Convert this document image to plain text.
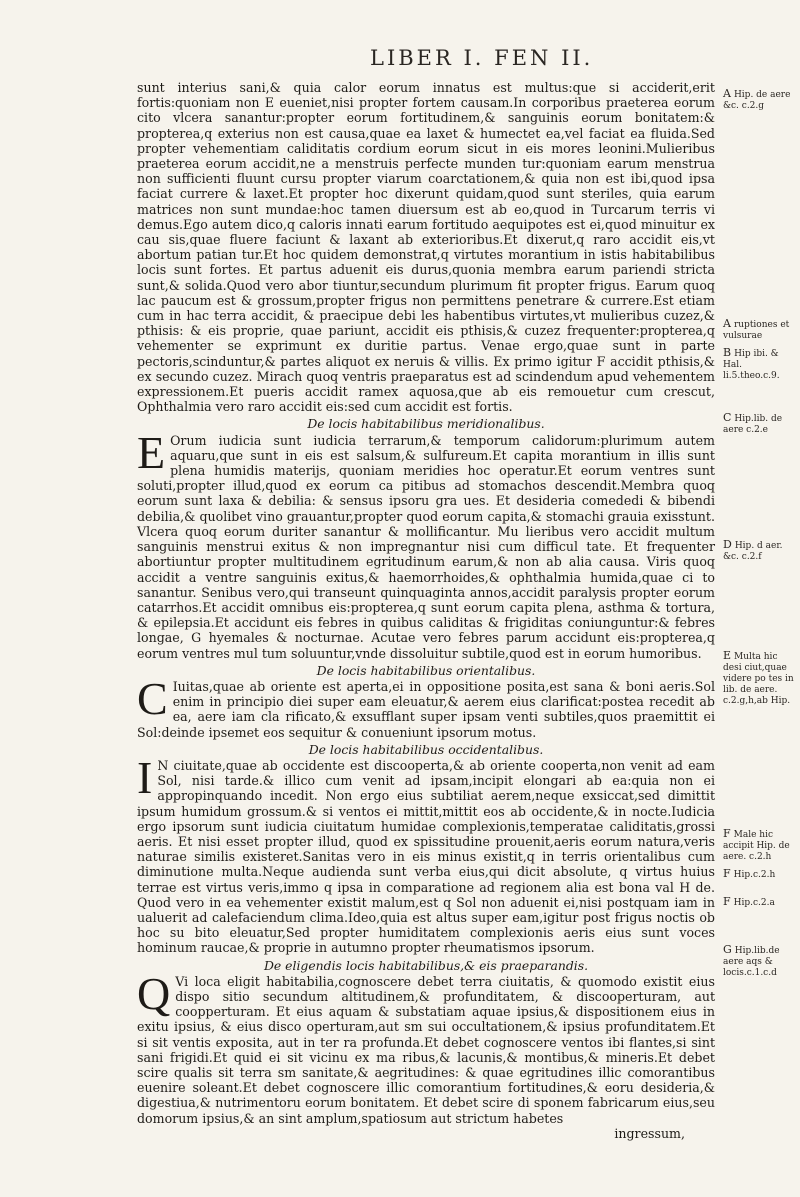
LIBER I. FEN II.

sunt interius sani,& quia calor eorum innatus est multus:que si acciderit,erit fortis:quoniam non E eueniet,nisi propter fortem causam.In corporibus praeterea eorum cito vlcera sanantur:propter eorum fortitudinem,& sanguinis eorum bonitatem:& propterea,q exterius non est causa,quae ea laxet & humectet ea,vel faciat ea fluida.Sed propter vehementiam caliditatis cordium eorum sicut in eis mores leonini.Mulieribus praeterea eorum accidit,ne a menstruis perfecte munden tur:quoniam earum menstrua non sufficienti fluunt cursu propter viarum coarctationem,& quia non est ibi,quod ipsa faciat currere & laxet.Et propter hoc dixerunt quidam,quod sunt steriles, quia earum matrices non sunt mundae:hoc tamen diuersum est ab eo,quod in Turcarum terris vi demus.Ego autem dico,q caloris innati earum fortitudo aequipotes est ei,quod minuitur ex cau sis,quae fluere faciunt & laxant ab exterioribus.Et dixerut,q raro accidit eis,vt abortum patian tur.Et hoc quidem demonstrat,q virtutes morantium in istis habitabilibus locis sunt fortes. Et partus aduenit eis durus,quonia membra earum pariendi stricta sunt,& solida.Quod vero abor tiuntur,secundum plurimum fit propter frigus. Earum quoq lac paucum est & grossum,propter frigus non permittens penetrare & currere.Est etiam cum in hac terra accidit, & praecipue debi les habentibus virtutes,vt mulieribus cuzez,& pthisis: & eis proprie, quae pariunt, accidit eis pthisis,& cuzez frequenter:propterea,q vehementer se exprimunt ex duritie partus. Venae ergo,quae sunt in parte pectoris,scinduntur,& partes aliquot ex neruis & villis. Ex primo igitur F accidit pthisis,& ex secundo cuzez. Mirach quoq ventris praeparatus est ad scindendum apud vehementem expressionem.Et pueris accidit ramex aquosa,que ab eis remouetur cum crescut, Ophthalmia vero raro accidit eis:sed cum accidit est fortis.

De locis habitabilibus meridionalibus.
E Orum iudicia sunt iudicia terrarum,& temporum calidorum:plurimum autem aquaru,que sunt in eis est salsum,& sulfureum.Et capita morantium in illis sunt plena humidis materijs, quoniam meridies hoc operatur.Et eorum ventres sunt soluti,propter illud,quod ex eorum ca pitibus ad stomachos descendit.Membra quoq eorum sunt laxa & debilia: & sensus ipsoru gra ues. Et desideria comededi & bibendi debilia,& quolibet vino grauantur,propter quod eorum capita,& stomachi grauia exisstunt. Vlcera quoq eorum duriter sanantur & mollificantur. Mu lieribus vero accidit multum sanguinis menstrui exitus & non impregnantur nisi cum difficul tate. Et frequenter abortiuntur propter multitudinem egritudinum earum,& non ab alia causa. Viris quoq accidit a ventre sanguinis exitus,& haemorrhoides,& ophthalmia humida,quae ci to sanantur. Senibus vero,qui transeunt quinquaginta annos,accidit paralysis propter eorum catarrhos.Et accidit omnibus eis:propterea,q sunt eorum capita plena, asthma & tortura, & epilepsia.Et accidunt eis febres in quibus caliditas & frigiditas coniunguntur:& febres longae, G hyemales & nocturnae. Acutae vero febres parum accidunt eis:propterea,q eorum ventres mul tum soluuntur,vnde dissoluitur subtile,quod est in eorum humoribus.

De locis habitabilibus orientalibus.
C Iuitas,quae ab oriente est aperta,ei in oppositione posita,est sana & boni aeris.Sol enim in principio diei super eam eleuatur,& aerem eius clarificat:postea recedit ab ea, aere iam cla rificato,& exsufflant super ipsam venti subtiles,quos praemittit ei Sol:deinde ipsemet eos sequitur & conueniunt ipsorum motus.

De locis habitabilibus occidentalibus.
I N ciuitate,quae ab occidente est discooperta,& ab oriente cooperta,non venit ad eam Sol, nisi tarde.& illico cum venit ad ipsam,incipit elongari ab ea:quia non ei appropinquando incedit. Non ergo eius subtiliat aerem,neque exsiccat,sed dimittit ipsum humidum grossum.& si ventos ei mittit,mittit eos ab occidente,& in nocte.Iudicia ergo ipsorum sunt iudicia ciuitatum humidae complexionis,temperatae caliditatis,grossi aeris. Et nisi esset propter illud, quod ex spissitudine prouenit,aeris eorum natura,veris naturae similis existeret.Sanitas vero in eis minus existit,q in terris orientalibus cum diminutione multa.Neque audienda sunt verba eius,qui dicit absolute, q virtus huius terrae est virtus veris,immo q ipsa in comparatione ad regionem alia est bona val H de. Quod vero in ea vehementer existit malum,est q Sol non aduenit ei,nisi postquam iam in ualuerit ad calefaciendum clima.Ideo,quia est altus super eam,igitur post frigus noctis ob hoc su bito eleuatur,Sed propter humiditatem complexionis aeris eius sunt voces hominum raucae,& proprie in autumno propter rheumatismos ipsorum.

De eligendis locis habitabilibus,& eis praeparandis.
Q Vi loca eligit habitabilia,cognoscere debet terra ciuitatis, & quomodo existit eius dispo sitio secundum altitudinem,& profunditatem, & discooperturam, aut coopperturam. Et eius aquam & substatiam aquae ipsius,& dispositionem eius in exitu ipsius, & eius disco operturam,aut sm sui occultationem,& ipsius profunditatem.Et si sit ventis exposita, aut in ter ra profunda.Et debet cognoscere ventos ibi flantes,si sint sani frigidi.Et quid ei sit vicinu ex ma ribus,& lacunis,& montibus,& mineris.Et debet scire qualis sit terra sm sanitate,& aegritudines: & quae egritudines illic comorantibus euenire soleant.Et debet cognoscere illic comorantium fortitudines,& eoru desideria,& digestiua,& nutrimentoru eorum bonitatem. Et debet scire di sponem fabricarum eius,seu domorum ipsius,& an sint amplum,spatiosum aut strictum habetes

ingressum,
A Hip. de aere &c. c.2.g
A ruptiones et vulsurae
B Hip ibi. & Hal. li.5.theo.c.9.
C Hip.lib. de aere c.2.e
D Hip. d aer. &c. c.2.f
E Multa hic desi ciut,quae videre po tes in lib. de aere. c.2.g,h,ab Hip.
F Male hic accipit Hip. de aere. c.2.h
F Hip.c.2.h
F Hip.c.2.a
G Hip.lib.de aere aqs & locis.c.1.c.d
